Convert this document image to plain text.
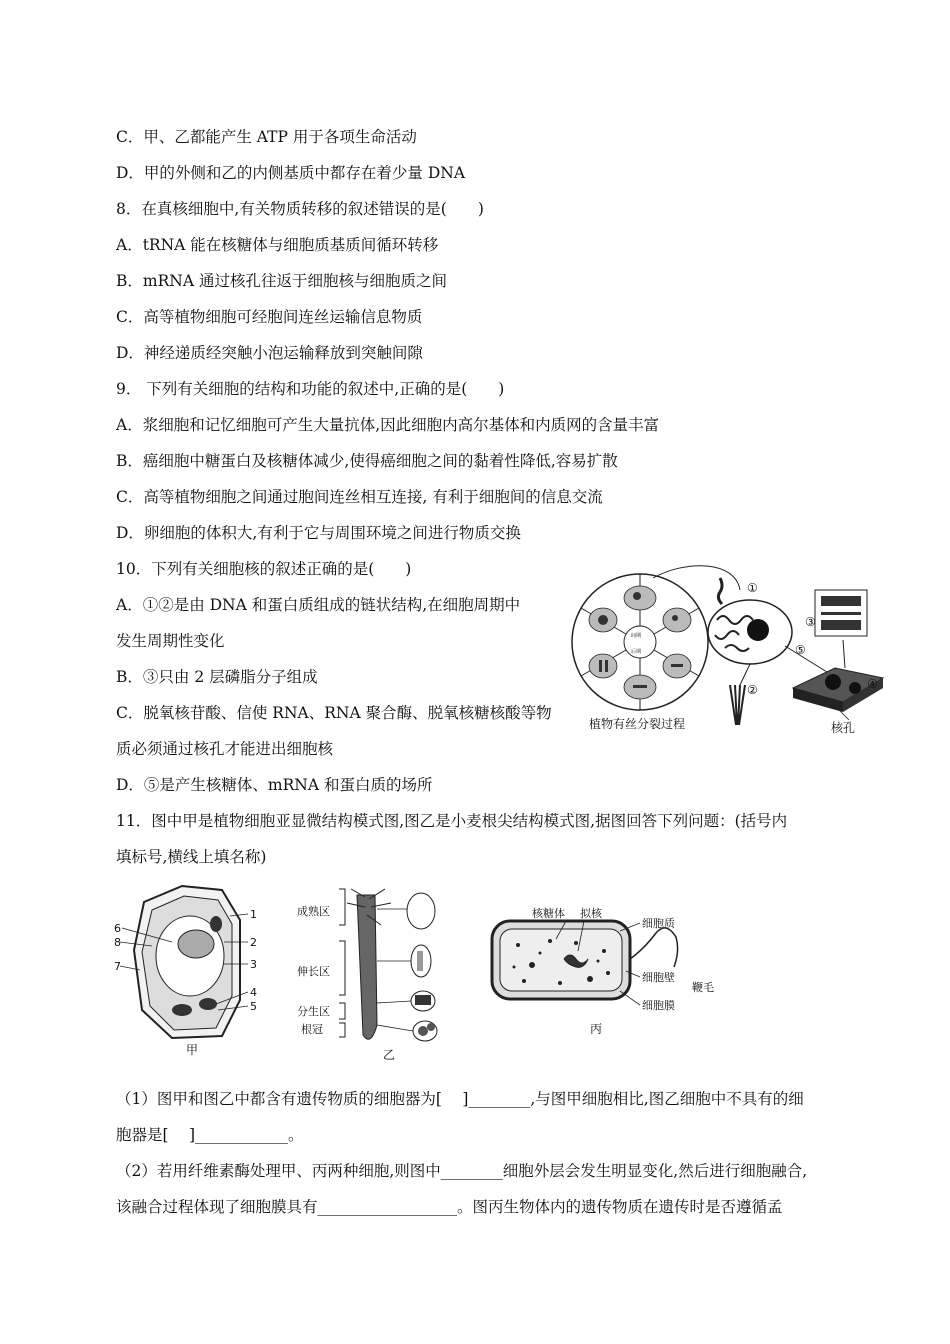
C．甲、乙都能产生 ATP 用于各项生命活动
D．甲的外侧和乙的内侧基质中都存在着少量 DNA
8．在真核细胞中,有关物质转移的叙述错误的是(　　)
A．tRNA 能在核糖体与细胞质基质间循环转移
B．mRNA 通过核孔往返于细胞核与细胞质之间
C．高等植物细胞可经胞间连丝运输信息物质
D．神经递质经突触小泡运输释放到突触间隙
9． 下列有关细胞的结构和功能的叙述中,正确的是(　　)
A．浆细胞和记忆细胞可产生大量抗体,因此细胞内高尔基体和内质网的含量丰富
B．癌细胞中糖蛋白及核糖体减少,使得癌细胞之间的黏着性降低,容易扩散
C．高等植物细胞之间通过胞间连丝相互连接, 有利于细胞间的信息交流
D．卵细胞的体积大,有利于它与周围环境之间进行物质交换
10．下列有关细胞核的叙述正确的是(　　)
A．①②是由 DNA 和蛋白质组成的链状结构,在细胞周期中
发生周期性变化
B．③只由 2 层磷脂分子组成
C．脱氧核苷酸、信使 RNA、RNA 聚合酶、脱氧核糖核酸等物
质必须通过核孔才能进出细胞核
D．⑤是产生核糖体、mRNA 和蛋白质的场所
11．图中甲是植物细胞亚显微结构模式图,图乙是小麦根尖结构模式图,据图回答下列问题：(括号内
填标号,横线上填名称)
（1）图甲和图乙中都含有遗传物质的细胞器为[　 ]________,与图甲细胞相比,图乙细胞中不具有的细
胞器是[　 ]____________。
（2）若用纤维素酶处理甲、丙两种细胞,则图中________细胞外层会发生明显变化,然后进行细胞融合,
该融合过程体现了细胞膜具有__________________。图丙生物体内的遗传物质在遗传时是否遵循孟
间期
后期
①
②
③
④
⑤
植物有丝分裂过程	核孔
6
8
7
1
2
3
4
5
甲
成熟区
伸长区
分生区
根冠
乙
核糖体 拟核
细胞质
细胞壁
鞭毛
细胞膜
丙
